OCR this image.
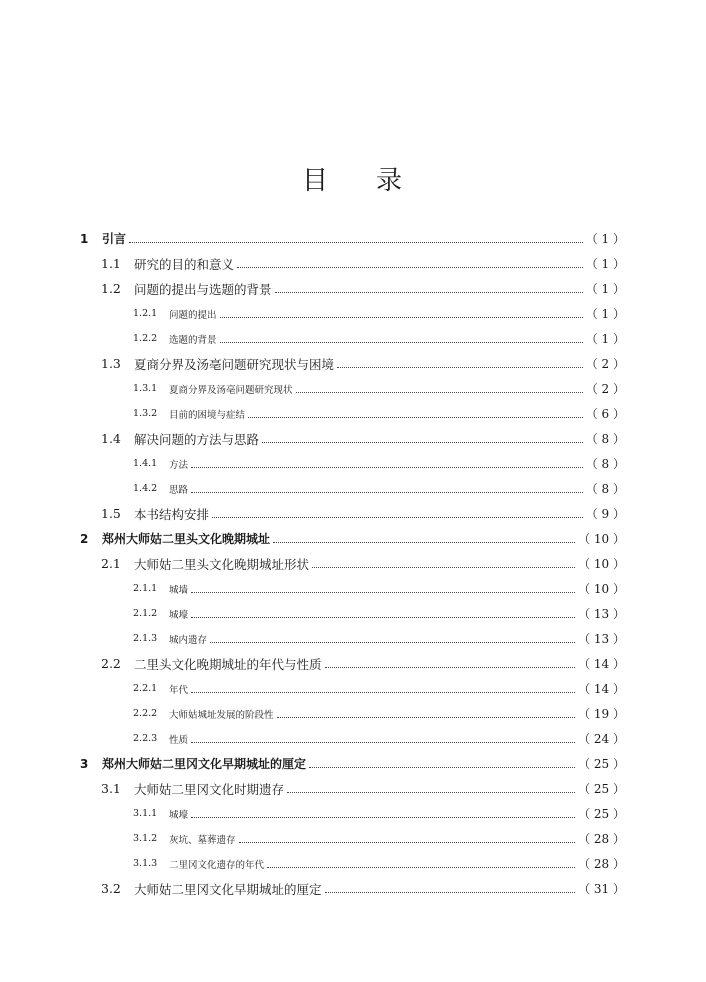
目 录
1	引言	（ 1 ）
1.1	研究的目的和意义	（ 1 ）
1.2	问题的提出与选题的背景	（ 1 ）
1.2.1	问题的提出	（ 1 ）
1.2.2	选题的背景	（ 1 ）
1.3	夏商分界及汤亳问题研究现状与困境	（ 2 ）
1.3.1	夏商分界及汤亳问题研究现状	（ 2 ）
1.3.2	目前的困境与症结	（ 6 ）
1.4	解决问题的方法与思路	（ 8 ）
1.4.1	方法	（ 8 ）
1.4.2	思路	（ 8 ）
1.5	本书结构安排	（ 9 ）
2	郑州大师姑二里头文化晚期城址	（ 10 ）
2.1	大师姑二里头文化晚期城址形状	（ 10 ）
2.1.1	城墙	（ 10 ）
2.1.2	城壕	（ 13 ）
2.1.3	城内遗存	（ 13 ）
2.2	二里头文化晚期城址的年代与性质	（ 14 ）
2.2.1	年代	（ 14 ）
2.2.2	大师姑城址发展的阶段性	（ 19 ）
2.2.3	性质	（ 24 ）
3	郑州大师姑二里冈文化早期城址的厘定	（ 25 ）
3.1	大师姑二里冈文化时期遗存	（ 25 ）
3.1.1	城壕	（ 25 ）
3.1.2	灰坑、墓葬遗存	（ 28 ）
3.1.3	二里冈文化遗存的年代	（ 28 ）
3.2	大师姑二里冈文化早期城址的厘定	（ 31 ）
